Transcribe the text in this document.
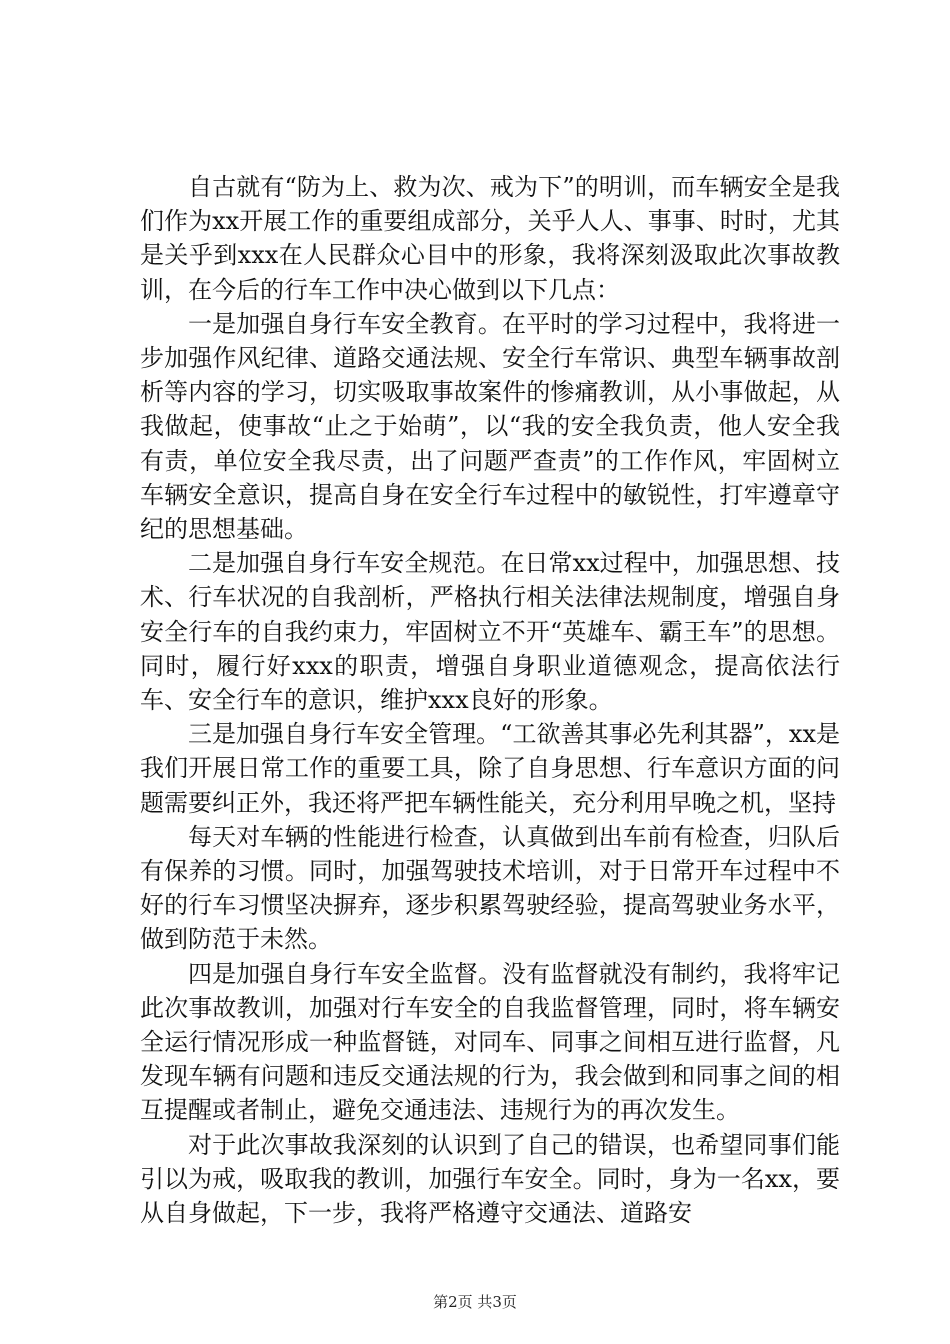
自古就有“防为上、救为次、戒为下”的明训，而车辆安全是我们作为xx开展工作的重要组成部分，关乎人人、事事、时时，尤其是关乎到xxx在人民群众心目中的形象，我将深刻汲取此次事故教训，在今后的行车工作中决心做到以下几点：

一是加强自身行车安全教育。在平时的学习过程中，我将进一步加强作风纪律、道路交通法规、安全行车常识、典型车辆事故剖析等内容的学习，切实吸取事故案件的惨痛教训，从小事做起，从我做起，使事故“止之于始萌”，以“我的安全我负责，他人安全我有责，单位安全我尽责，出了问题严查责”的工作作风，牢固树立车辆安全意识，提高自身在安全行车过程中的敏锐性，打牢遵章守纪的思想基础。

二是加强自身行车安全规范。在日常xx过程中，加强思想、技术、行车状况的自我剖析，严格执行相关法律法规制度，增强自身安全行车的自我约束力，牢固树立不开“英雄车、霸王车”的思想。同时，履行好xxx的职责，增强自身职业道德观念，提高依法行车、安全行车的意识，维护xxx良好的形象。

三是加强自身行车安全管理。“工欲善其事必先利其器”，xx是我们开展日常工作的重要工具，除了自身思想、行车意识方面的问题需要纠正外，我还将严把车辆性能关，充分利用早晚之机，坚持

每天对车辆的性能进行检查，认真做到出车前有检查，归队后有保养的习惯。同时，加强驾驶技术培训，对于日常开车过程中不好的行车习惯坚决摒弃，逐步积累驾驶经验，提高驾驶业务水平，做到防范于未然。

四是加强自身行车安全监督。没有监督就没有制约，我将牢记此次事故教训，加强对行车安全的自我监督管理，同时，将车辆安全运行情况形成一种监督链，对同车、同事之间相互进行监督，凡发现车辆有问题和违反交通法规的行为，我会做到和同事之间的相互提醒或者制止，避免交通违法、违规行为的再次发生。

对于此次事故我深刻的认识到了自己的错误，也希望同事们能引以为戒，吸取我的教训，加强行车安全。同时，身为一名xx，要从自身做起，下一步，我将严格遵守交通法、道路安

第2页 共3页
